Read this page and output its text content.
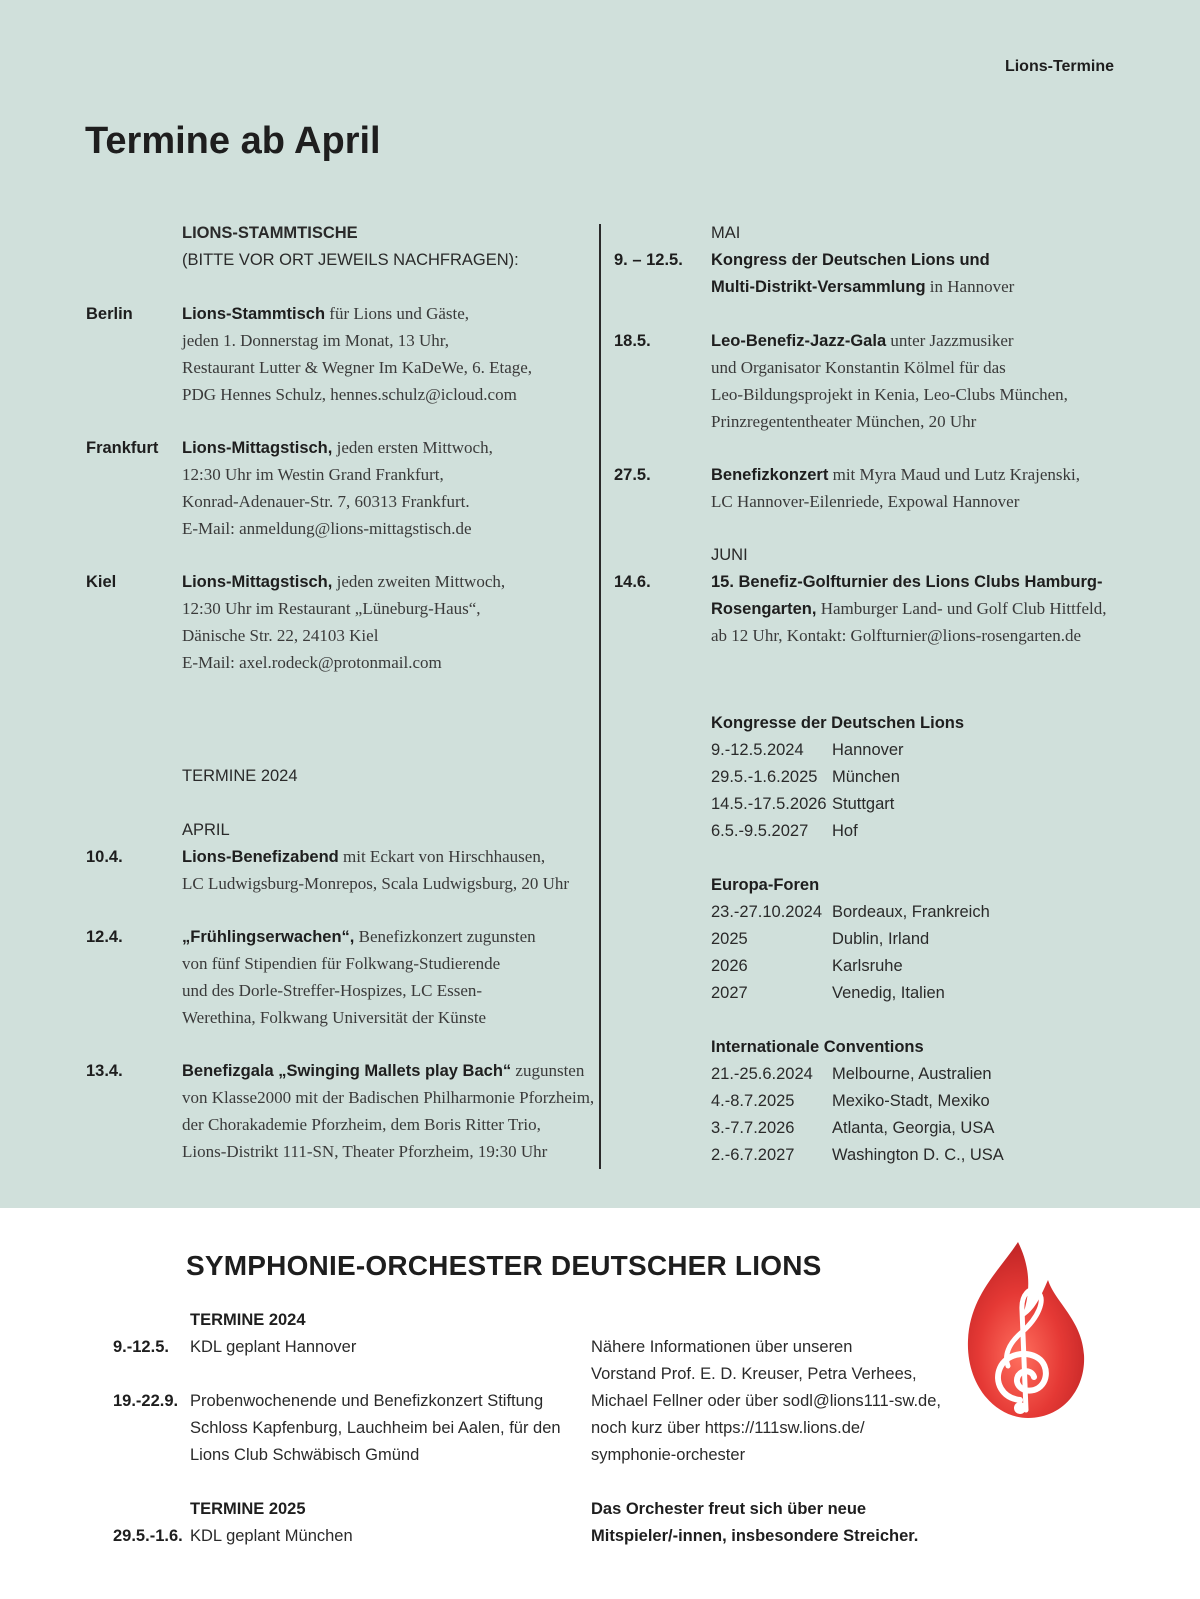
Lions-Termine
Termine ab April
LIONS-STAMMTISCHE
(BITTE VOR ORT JEWEILS NACHFRAGEN):
Berlin	Lions-Stammtisch für Lions und Gäste,
jeden 1. Donnerstag im Monat, 13 Uhr,
Restaurant Lutter & Wegner Im KaDeWe, 6. Etage,
PDG Hennes Schulz, hennes.schulz@icloud.com
Frankfurt Lions-Mittagstisch, jeden ersten Mittwoch,
12:30 Uhr im Westin Grand Frankfurt,
Konrad-Adenauer-Str. 7, 60313 Frankfurt.
E-Mail: anmeldung@lions-mittagstisch.de
Kiel	Lions-Mittagstisch, jeden zweiten Mittwoch,
12:30 Uhr im Restaurant „Lüneburg-Haus“,
Dänische Str. 22, 24103 Kiel
E-Mail: axel.rodeck@protonmail.com
TERMINE 2024
APRIL
10.4.	Lions-Benefizabend mit Eckart von Hirschhausen,
LC Ludwigsburg-Monrepos, Scala Ludwigsburg, 20 Uhr
12.4.	„Frühlingserwachen“, Benefizkonzert zugunsten
von fünf Stipendien für Folkwang-Studierende
und des Dorle-Streffer-Hospizes, LC Essen-
Werethina, Folkwang Universität der Künste
13.4.	Benefizgala „Swinging Mallets play Bach“ zugunsten
von Klasse2000 mit der Badischen Philharmonie Pforzheim,
der Chorakademie Pforzheim, dem Boris Ritter Trio,
Lions-Distrikt 111-SN, Theater Pforzheim, 19:30 Uhr
MAI
9. – 12.5. Kongress der Deutschen Lions und
Multi-Distrikt-Versammlung in Hannover
18.5.	Leo-Benefiz-Jazz-Gala unter Jazzmusiker
und Organisator Konstantin Kölmel für das
Leo-Bildungsprojekt in Kenia, Leo-Clubs München,
Prinzregententheater München, 20 Uhr
27.5.	Benefizkonzert mit Myra Maud und Lutz Krajenski,
LC Hannover-Eilenriede, Expowal Hannover
JUNI
14.6.	15. Benefiz-Golfturnier des Lions Clubs Hamburg-
Rosengarten, Hamburger Land- und Golf Club Hittfeld,
ab 12 Uhr, Kontakt: Golfturnier@lions-rosengarten.de
Kongresse der Deutschen Lions
9.-12.5.2024 Hannover
29.5.-1.6.2025 München
14.5.-17.5.2026 Stuttgart
6.5.-9.5.2027 Hof
Europa-Foren
23.-27.10.2024 Bordeaux, Frankreich
2025	Dublin, Irland
2026	Karlsruhe
2027	Venedig, Italien
Internationale Conventions
21.-25.6.2024 Melbourne, Australien
4.-8.7.2025 Mexiko-Stadt, Mexiko
3.-7.7.2026 Atlanta, Georgia, USA
2.-6.7.2027 Washington D. C., USA
SYMPHONIE-ORCHESTER DEUTSCHER LIONS
TERMINE 2024
9.-12.5. KDL geplant Hannover
19.-22.9. Probenwochenende und Benefizkonzert Stiftung
Schloss Kapfenburg, Lauchheim bei Aalen, für den
Lions Club Schwäbisch Gmünd
TERMINE 2025
29.5.-1.6. KDL geplant München
Nähere Informationen über unseren
Vorstand Prof. E. D. Kreuser, Petra Verhees,
Michael Fellner oder über sodl@lions111-sw.de,
noch kurz über https://111sw.lions.de/
symphonie-orchester
Das Orchester freut sich über neue
Mitspieler/-innen, insbesondere Streicher.
